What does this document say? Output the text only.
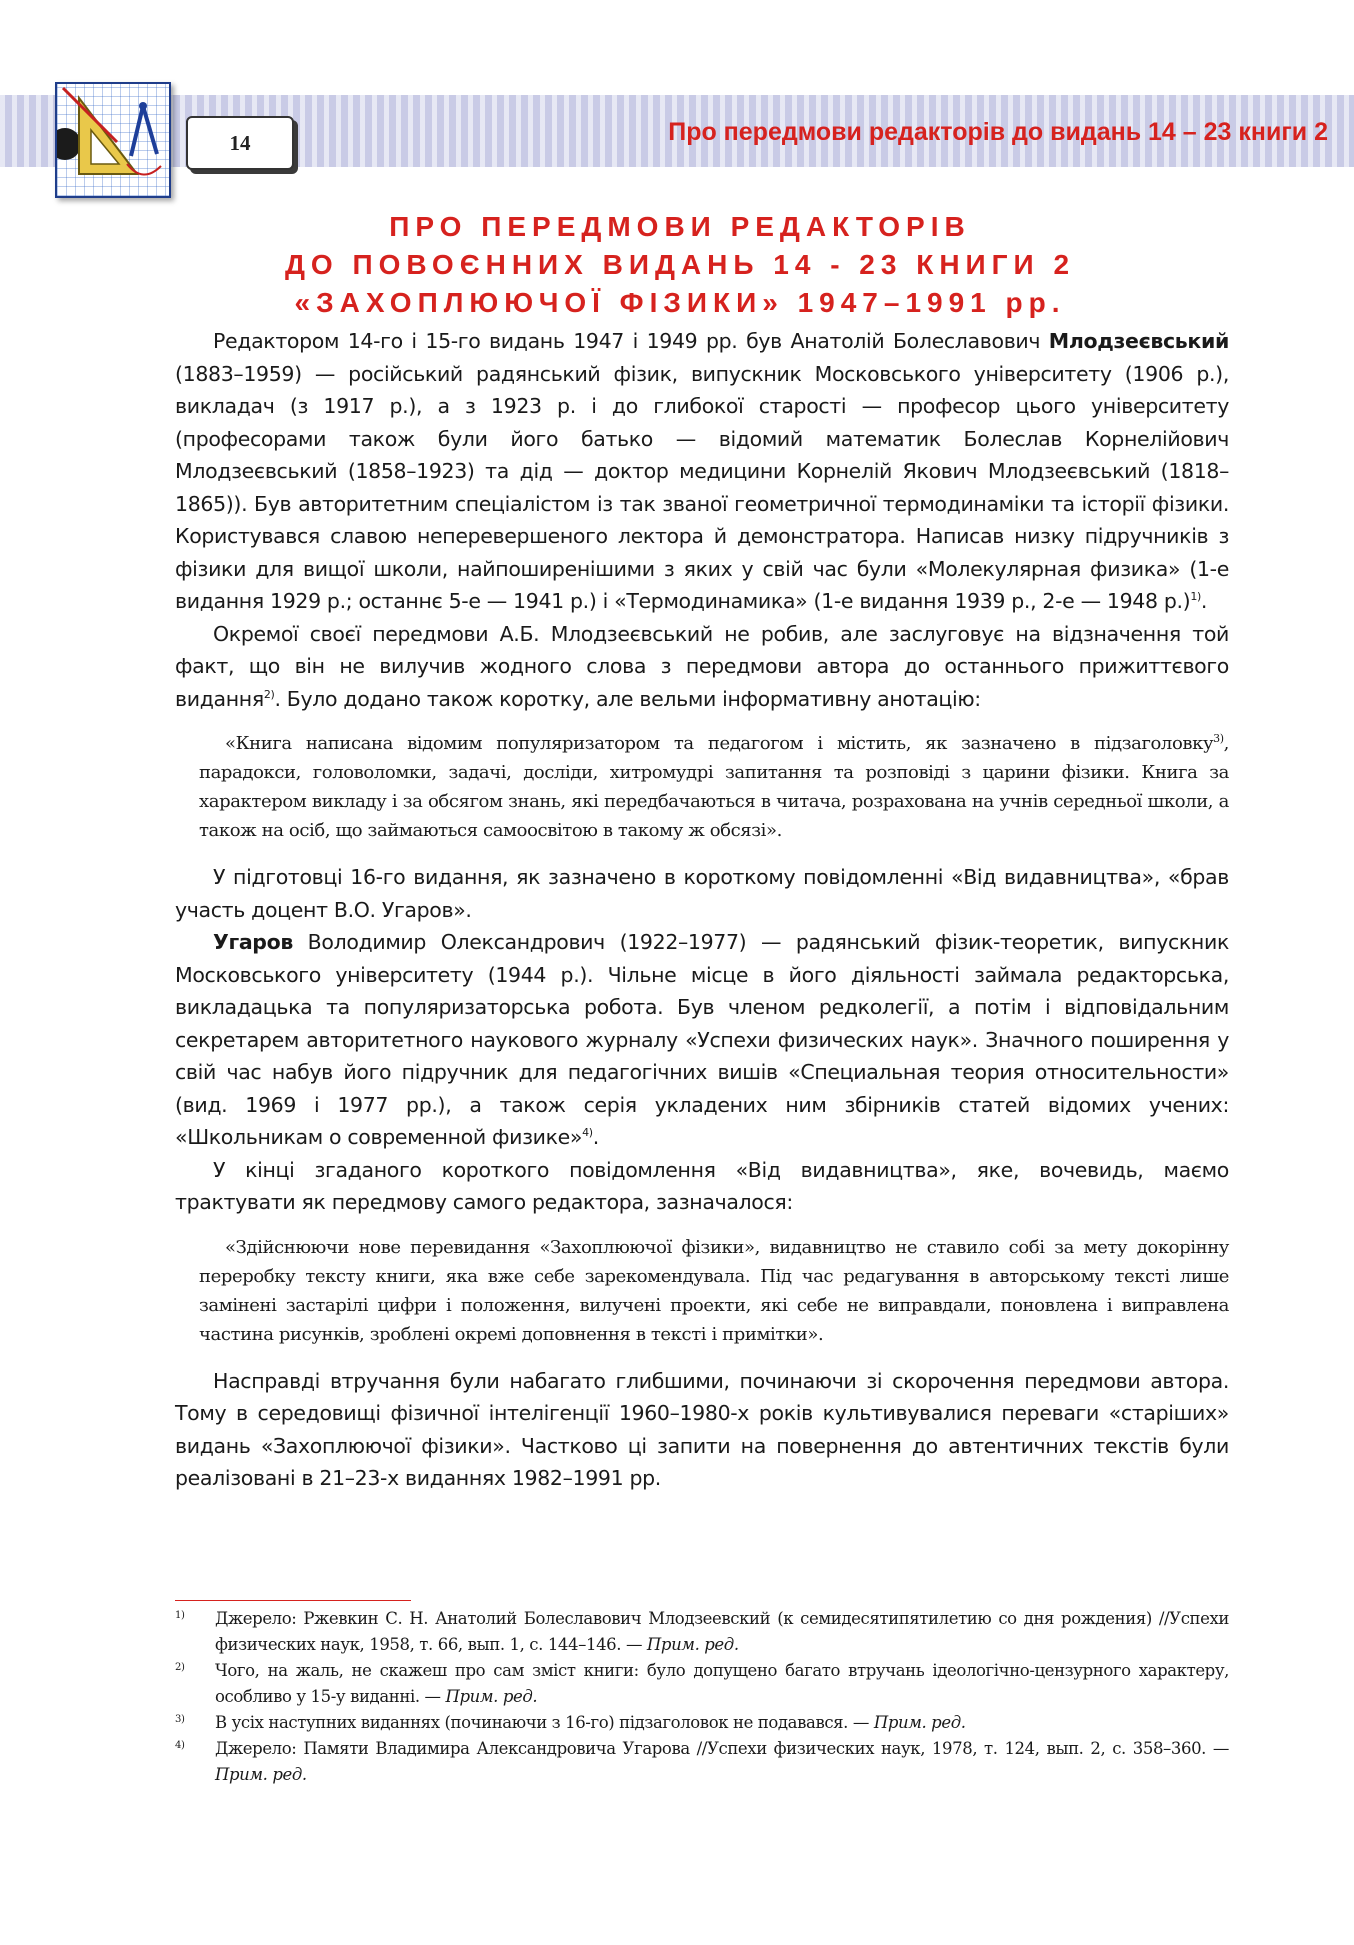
14	Про передмови редакторів до видань 14 – 23 книги 2
ПРО ПЕРЕДМОВИ РЕДАКТОРІВ
ДО ПОВОЄННИХ ВИДАНЬ 14 - 23 КНИГИ 2
«ЗАХОПЛЮЮЧОЇ ФІЗИКИ» 1947–1991 рр.

Редактором 14-го і 15-го видань 1947 і 1949 рр. був Анатолій Болеславович Млодзеєвський (1883–1959) — російський радянський фізик, випускник Московського університету (1906 р.), викладач (з 1917 р.), а з 1923 р. і до глибокої старості — професор цього університету (професорами також були його батько — відомий математик Болеслав Корнелійович Млодзеєвський (1858–1923) та дід — доктор медицини Корнелій Якович Млодзеєвський (1818–1865)). Був авторитетним спеціалістом із так званої геометричної термодинаміки та історії фізики. Користувався славою неперевершеного лектора й демонстратора. Написав низку підручників з фізики для вищої школи, найпоширенішими з яких у свій час були «Молекулярная физика» (1-е видання 1929 р.; останнє 5-е — 1941 р.) і «Термодинамика» (1-е видання 1939 р., 2-е — 1948 р.)$^{1)}$.

Окремої своєї передмови А.Б. Млодзеєвський не робив, але заслуговує на відзначення той факт, що він не вилучив жодного слова з передмови автора до останнього прижиттєвого видання$^{2)}$. Було додано також коротку, але вельми інформативну анотацію:

«Книга написана відомим популяризатором та педагогом і містить, як зазначено в підзаголовку$^{3)}$, парадокси, головоломки, задачі, досліди, хитромудрі запитання та розповіді з царини фізики. Книга за характером викладу і за обсягом знань, які передбачаються в читача, розрахована на учнів середньої школи, а також на осіб, що займаються самоосвітою в такому ж обсязі».

У підготовці 16-го видання, як зазначено в короткому повідомленні «Від видавництва», «брав участь доцент В.О. Угаров».

Угаров Володимир Олександрович (1922–1977) — радянський фізик-теоретик, випускник Московського університету (1944 р.). Чільне місце в його діяльності займала редакторська, викладацька та популяризаторська робота. Був членом редколегії, а потім і відповідальним секретарем авторитетного наукового журналу «Успехи физических наук». Значного поширення у свій час набув його підручник для педагогічних вишів «Специальная теория относительности» (вид. 1969 і 1977 рр.), а також серія укладених ним збірників статей відомих учених: «Школьникам о современной физике»$^{4)}$.

У кінці згаданого короткого повідомлення «Від видавництва», яке, вочевидь, маємо трактувати як передмову самого редактора, зазначалося:

«Здійснюючи нове перевидання «Захоплюючої фізики», видавництво не ставило собі за мету докорінну переробку тексту книги, яка вже себе зарекомендувала. Під час редагування в авторському тексті лише замінені застарілі цифри і положення, вилучені проекти, які себе не виправдали, поновлена і виправлена частина рисунків, зроблені окремі доповнення в тексті і примітки».

Насправді втручання були набагато глибшими, починаючи зі скорочення передмови автора. Тому в середовищі фізичної інтелігенції 1960–1980-х років культивувалися переваги «старіших» видань «Захоплюючої фізики». Частково ці запити на повернення до автентичних текстів були реалізовані в 21–23-х виданнях 1982–1991 рр.

1) Джерело: Ржевкин С. Н. Анатолий Болеславович Млодзеевский (к семидесятипятилетию со дня рождения) //Успехи физических наук, 1958, т. 66, вып. 1, с. 144–146. — Прим. ред.

2) Чого, на жаль, не скажеш про сам зміст книги: було допущено багато втручань ідеологічно-цензурного характеру, особливо у 15-у виданні. — Прим. ред.

3) В усіх наступних виданнях (починаючи з 16-го) підзаголовок не подавався. — Прим. ред.

4) Джерело: Памяти Владимира Александровича Угарова //Успехи физических наук, 1978, т. 124, вып. 2, с. 358–360. — Прим. ред.
